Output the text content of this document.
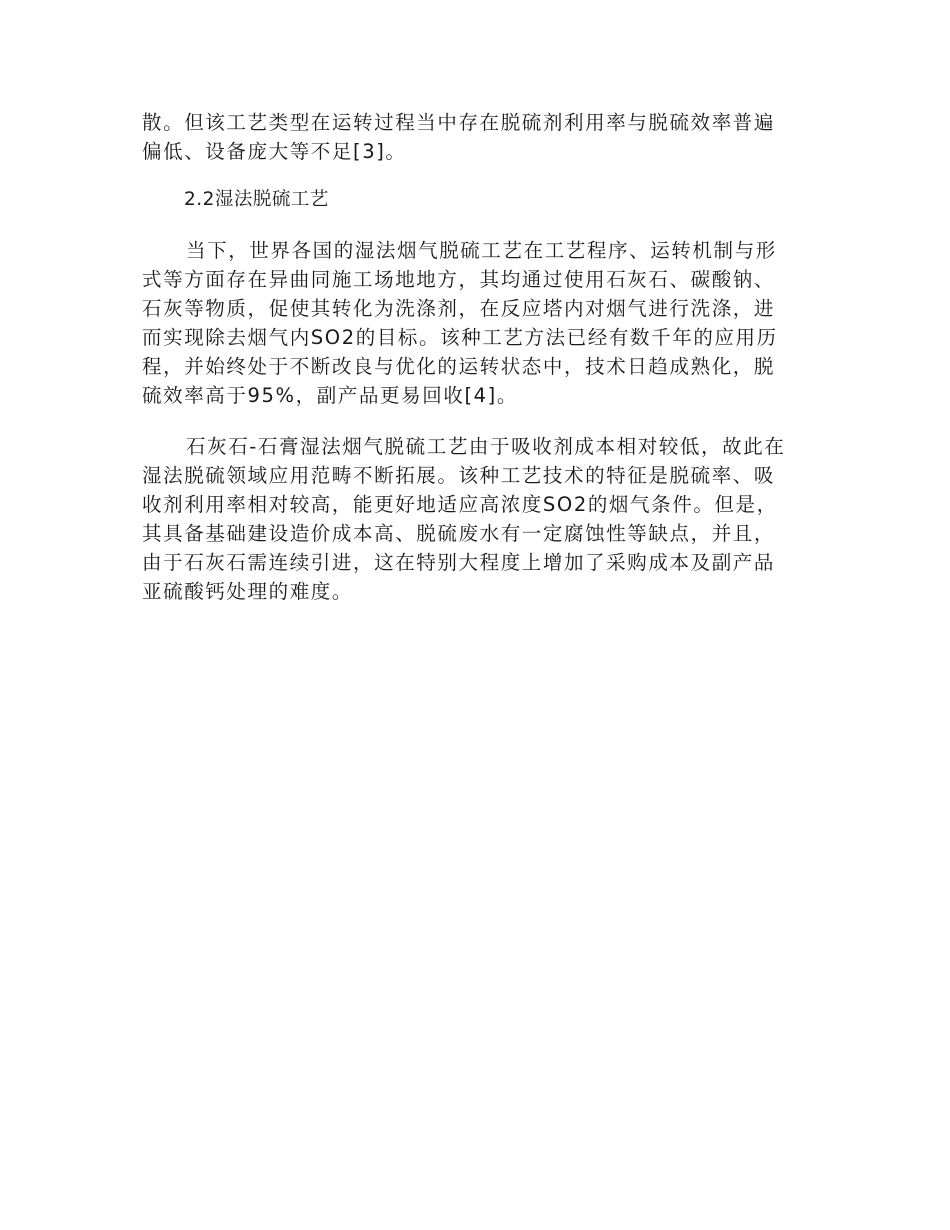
散。但该工艺类型在运转过程当中存在脱硫剂利用率与脱硫效率普遍
偏低、设备庞大等不足[3]。
2.2湿法脱硫工艺
当下，世界各国的湿法烟气脱硫工艺在工艺程序、运转机制与形
式等方面存在异曲同施工场地地方，其均通过使用石灰石、碳酸钠、
石灰等物质，促使其转化为洗涤剂，在反应塔内对烟气进行洗涤，进
而实现除去烟气内SO2的目标。该种工艺方法已经有数千年的应用历
程，并始终处于不断改良与优化的运转状态中，技术日趋成熟化，脱
硫效率高于95%，副产品更易回收[4]。
石灰石-石膏湿法烟气脱硫工艺由于吸收剂成本相对较低，故此在
湿法脱硫领域应用范畴不断拓展。该种工艺技术的特征是脱硫率、吸
收剂利用率相对较高，能更好地适应高浓度SO2的烟气条件。但是，
其具备基础建设造价成本高、脱硫废水有一定腐蚀性等缺点，并且，
由于石灰石需连续引进，这在特别大程度上增加了采购成本及副产品
亚硫酸钙处理的难度。
